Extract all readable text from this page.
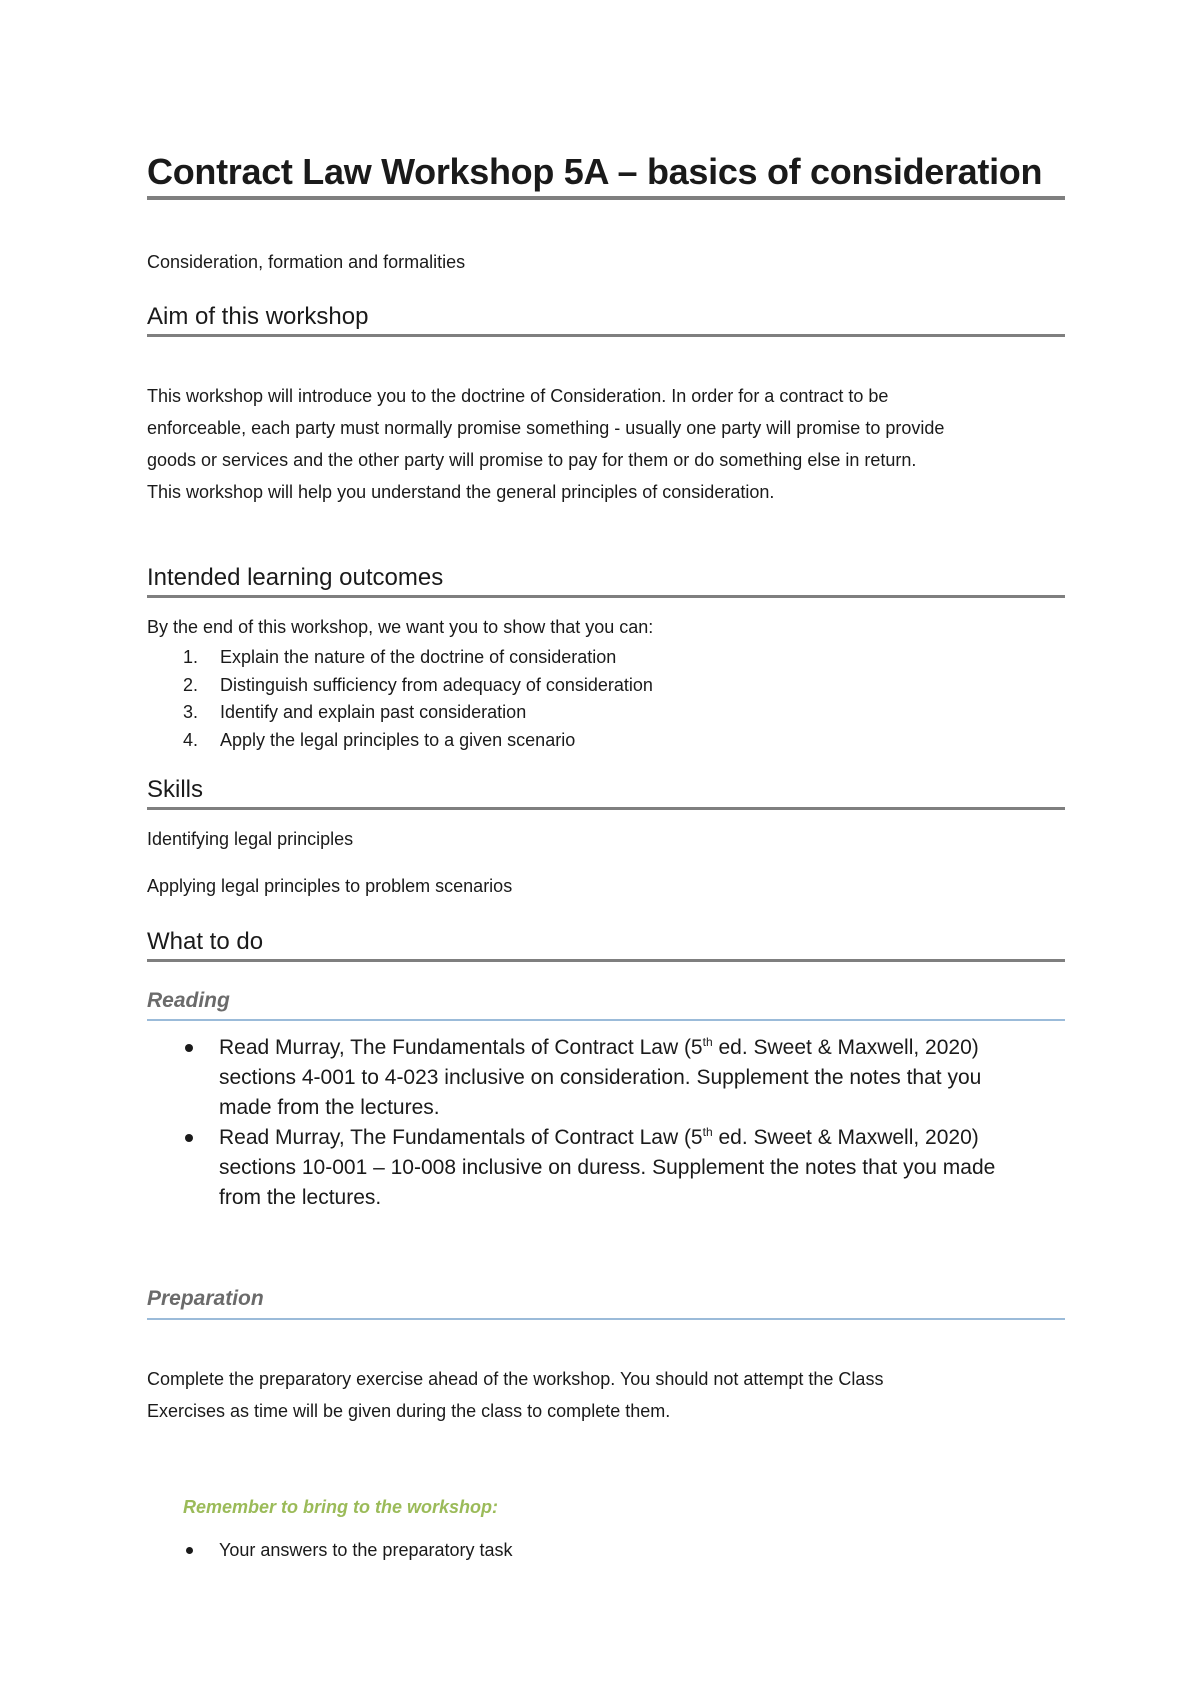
Contract Law Workshop 5A – basics of consideration
Consideration, formation and formalities
Aim of this workshop
This workshop will introduce you to the doctrine of Consideration. In order for a contract to be
enforceable, each party must normally promise something - usually one party will promise to provide
goods or services and the other party will promise to pay for them or do something else in return.
This workshop will help you understand the general principles of consideration.
Intended learning outcomes
By the end of this workshop, we want you to show that you can:
1. Explain the nature of the doctrine of consideration
2. Distinguish sufficiency from adequacy of consideration
3. Identify and explain past consideration
4. Apply the legal principles to a given scenario
Skills
Identifying legal principles
Applying legal principles to problem scenarios
What to do
Reading
Read Murray, The Fundamentals of Contract Law (5th ed. Sweet & Maxwell, 2020)
sections 4-001 to 4-023 inclusive on consideration. Supplement the notes that you
made from the lectures.
Read Murray, The Fundamentals of Contract Law (5th ed. Sweet & Maxwell, 2020)
sections 10-001 – 10-008 inclusive on duress. Supplement the notes that you made
from the lectures.
Preparation
Complete the preparatory exercise ahead of the workshop. You should not attempt the Class
Exercises as time will be given during the class to complete them.
Remember to bring to the workshop:
Your answers to the preparatory task
